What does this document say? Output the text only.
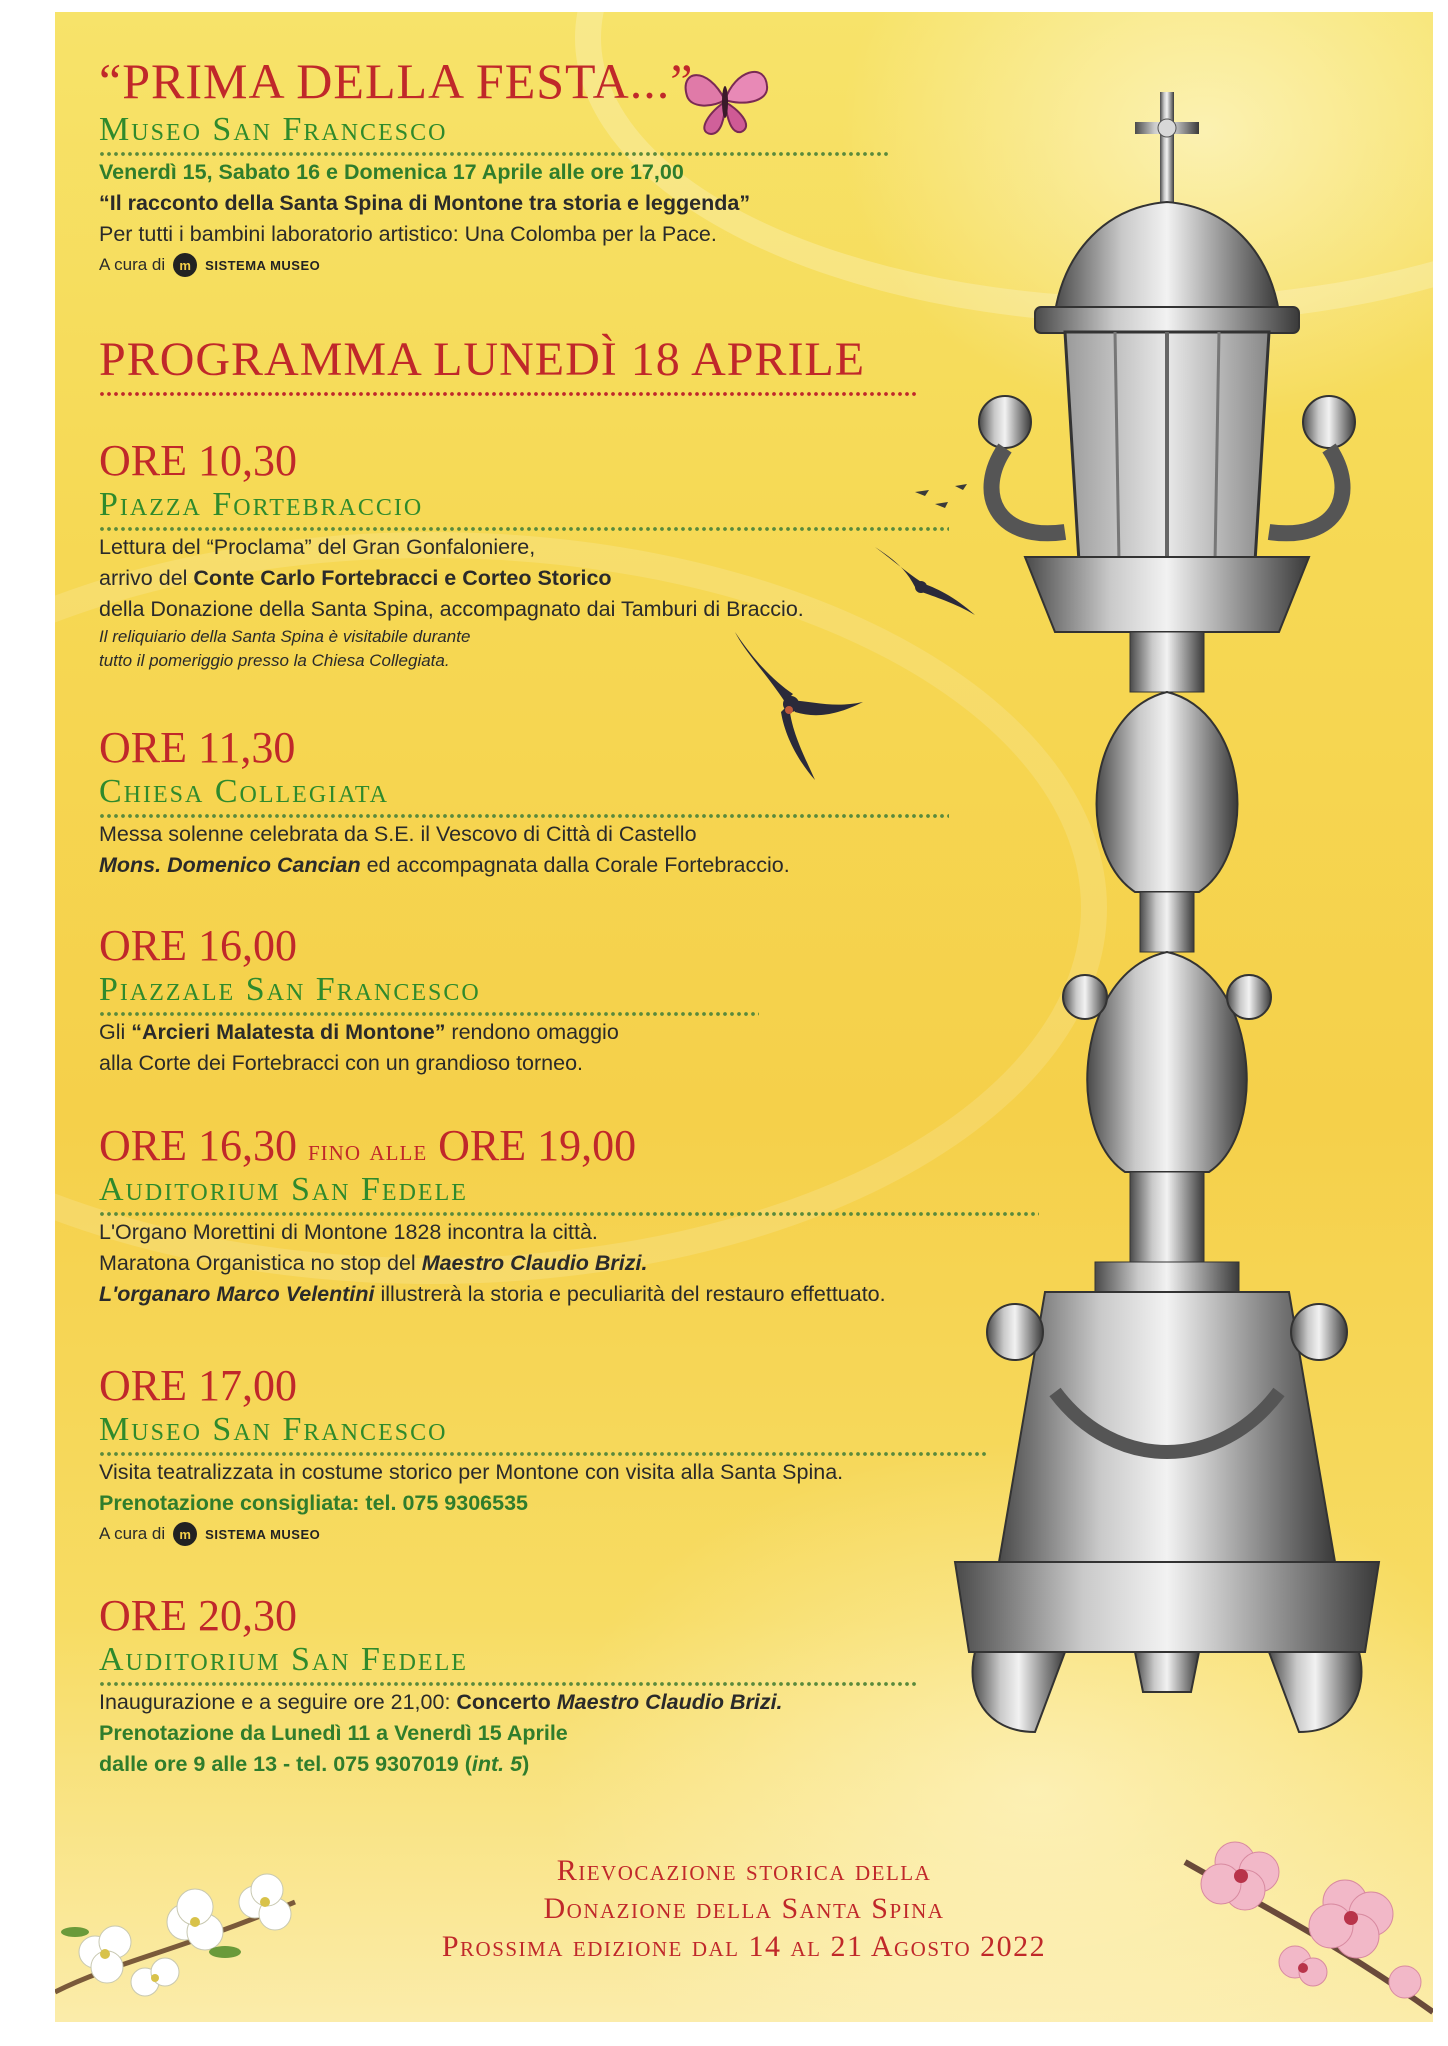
“PRIMA DELLA FESTA...”
Museo San Francesco
Venerdì 15, Sabato 16 e Domenica 17 Aprile alle ore 17,00
“Il racconto della Santa Spina di Montone tra storia e leggenda”
Per tutti i bambini laboratorio artistico: Una Colomba per la Pace.
A cura di	m	SISTEMA MUSEO
PROGRAMMA LUNEDÌ 18 APRILE
ORE 10,30
Piazza Fortebraccio
Lettura del “Proclama” del Gran Gonfaloniere,
arrivo del Conte Carlo Fortebracci e Corteo Storico
della Donazione della Santa Spina, accompagnato dai Tamburi di Braccio.
Il reliquiario della Santa Spina è visitabile durante
tutto il pomeriggio presso la Chiesa Collegiata.
ORE 11,30
Chiesa Collegiata
Messa solenne celebrata da S.E. il Vescovo di Città di Castello
Mons. Domenico Cancian ed accompagnata dalla Corale Fortebraccio.
ORE 16,00
Piazzale San Francesco
Gli “Arcieri Malatesta di Montone” rendono omaggio
alla Corte dei Fortebracci con un grandioso torneo.
ORE 16,30 fino alle ORE 19,00
Auditorium San Fedele
L'Organo Morettini di Montone 1828 incontra la città.
Maratona Organistica no stop del Maestro Claudio Brizi.
L'organaro Marco Velentini illustrerà la storia e peculiarità del restauro effettuato.
ORE 17,00
Museo San Francesco
Visita teatralizzata in costume storico per Montone con visita alla Santa Spina.
Prenotazione consigliata: tel. 075 9306535
A cura di	m	SISTEMA MUSEO
ORE 20,30
Auditorium San Fedele
Inaugurazione e a seguire ore 21,00: Concerto Maestro Claudio Brizi.
Prenotazione da Lunedì 11 a Venerdì 15 Aprile
dalle ore 9 alle 13 - tel. 075 9307019 (int. 5)
Rievocazione storica della
Donazione della Santa Spina
Prossima edizione dal 14 al 21 Agosto 2022
